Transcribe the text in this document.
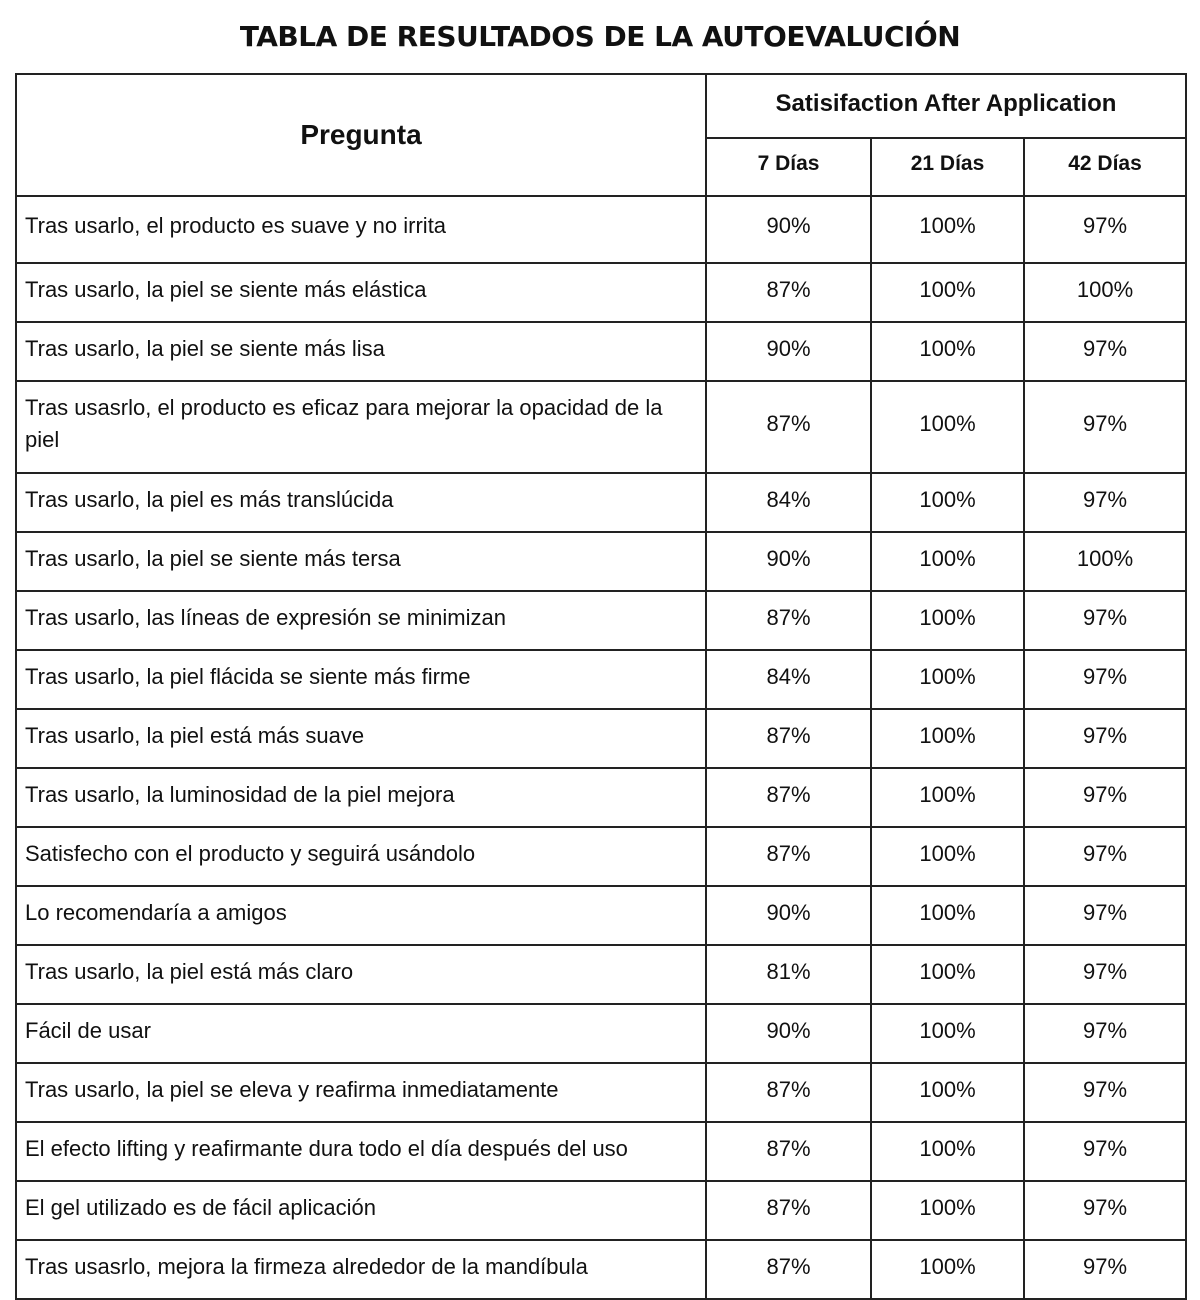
TABLA DE RESULTADOS DE LA AUTOEVALUCIÓN
Pregunta	Satisifaction After Application		
	7 Días	21 Días	42 Días
Tras usarlo, el producto es suave y no irrita	90%	100%	97%
Tras usarlo, la piel se siente más elástica	87%	100%	100%
Tras usarlo, la piel se siente más lisa	90%	100%	97%
Tras usasrlo, el producto es eficaz para mejorar la opacidad de la piel	87%	100%	97%
Tras usarlo, la piel es más translúcida	84%	100%	97%
Tras usarlo, la piel se siente más tersa	90%	100%	100%
Tras usarlo, las líneas de expresión se minimizan	87%	100%	97%
Tras usarlo, la piel flácida se siente más firme	84%	100%	97%
Tras usarlo, la piel está más suave	87%	100%	97%
Tras usarlo, la luminosidad de la piel mejora	87%	100%	97%
Satisfecho con el producto y seguirá usándolo	87%	100%	97%
Lo recomendaría a amigos	90%	100%	97%
Tras usarlo, la piel está más claro	81%	100%	97%
Fácil de usar	90%	100%	97%
Tras usarlo, la piel se eleva y reafirma inmediatamente	87%	100%	97%
El efecto lifting y reafirmante dura todo el día después del uso	87%	100%	97%
El gel utilizado es de fácil aplicación	87%	100%	97%
Tras usasrlo, mejora la firmeza alrededor de la mandíbula	87%	100%	97%
